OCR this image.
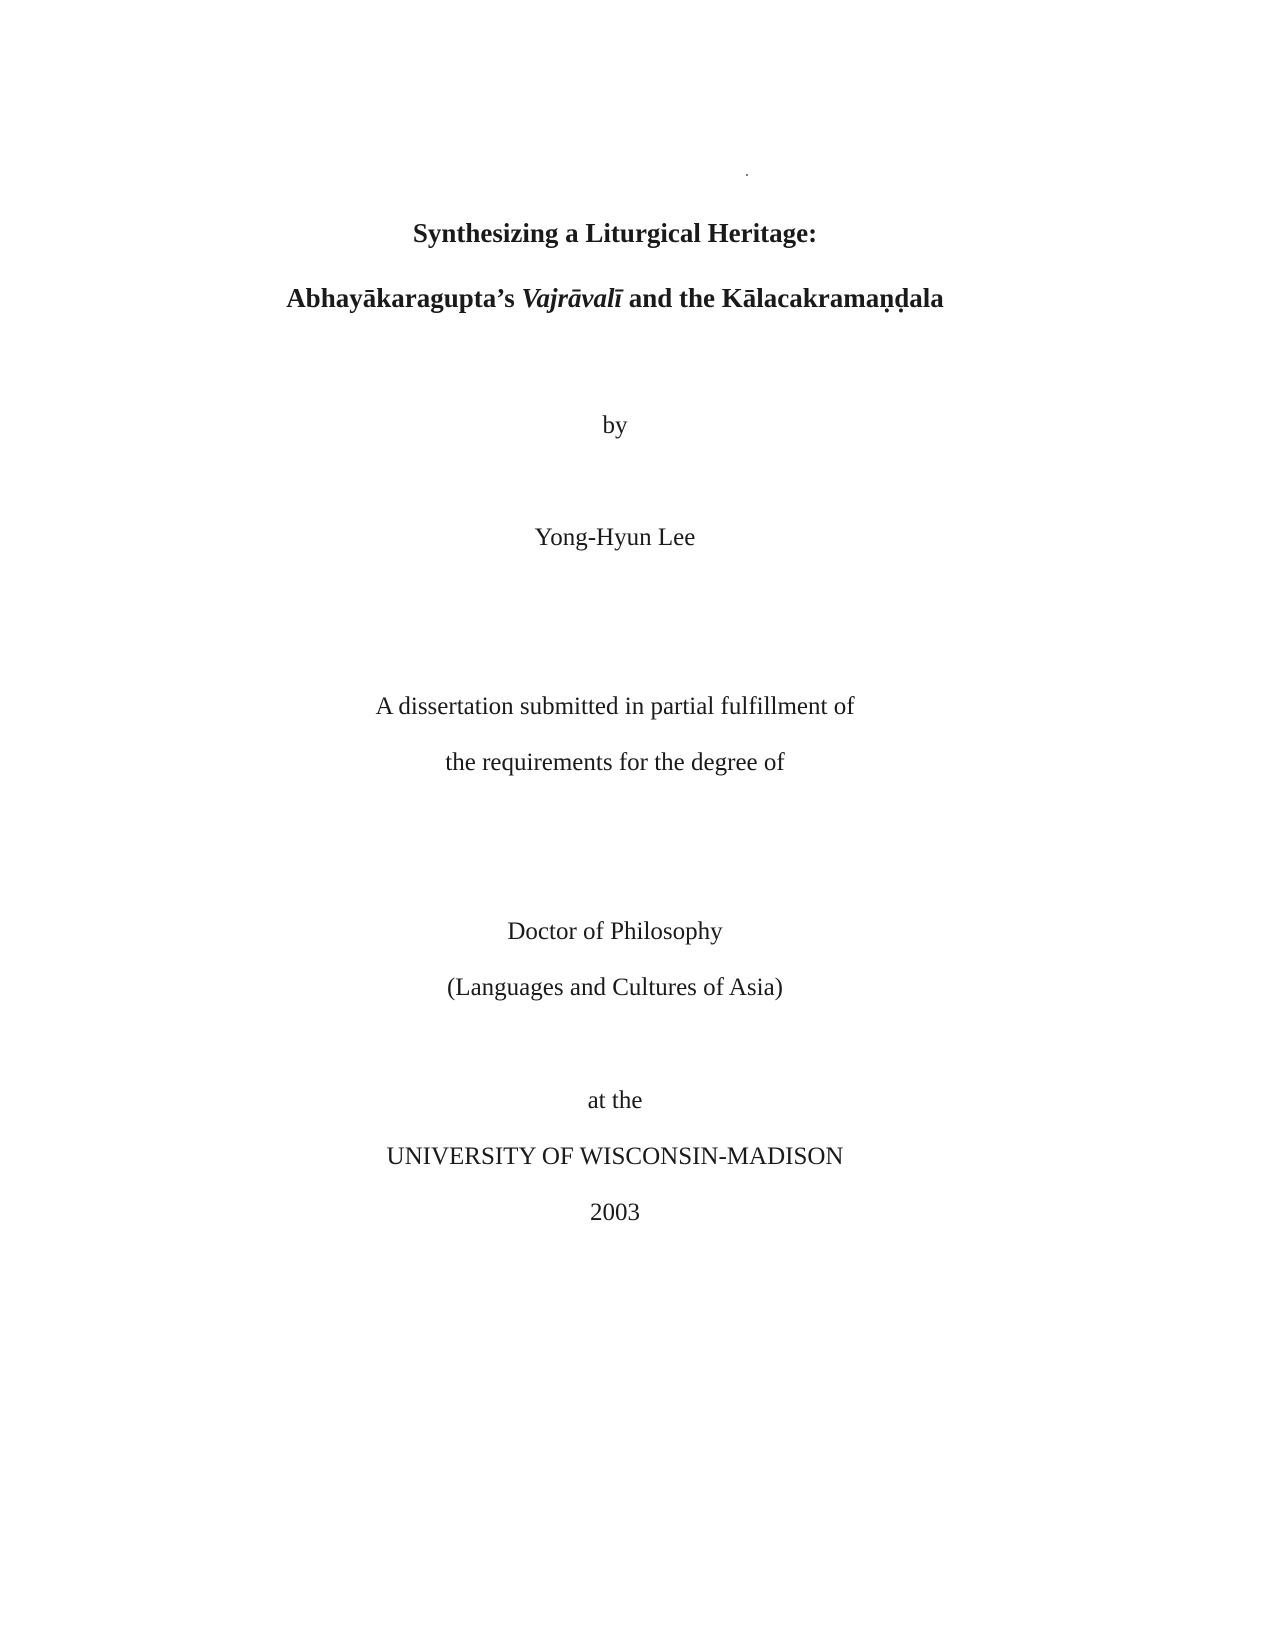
Synthesizing a Liturgical Heritage:
Abhayākaragupta’s Vajrāvalī and the Kālacakramaṇḍala
by
Yong-Hyun Lee
A dissertation submitted in partial fulfillment of
the requirements for the degree of
Doctor of Philosophy
(Languages and Cultures of Asia)
at the
UNIVERSITY OF WISCONSIN-MADISON
2003
